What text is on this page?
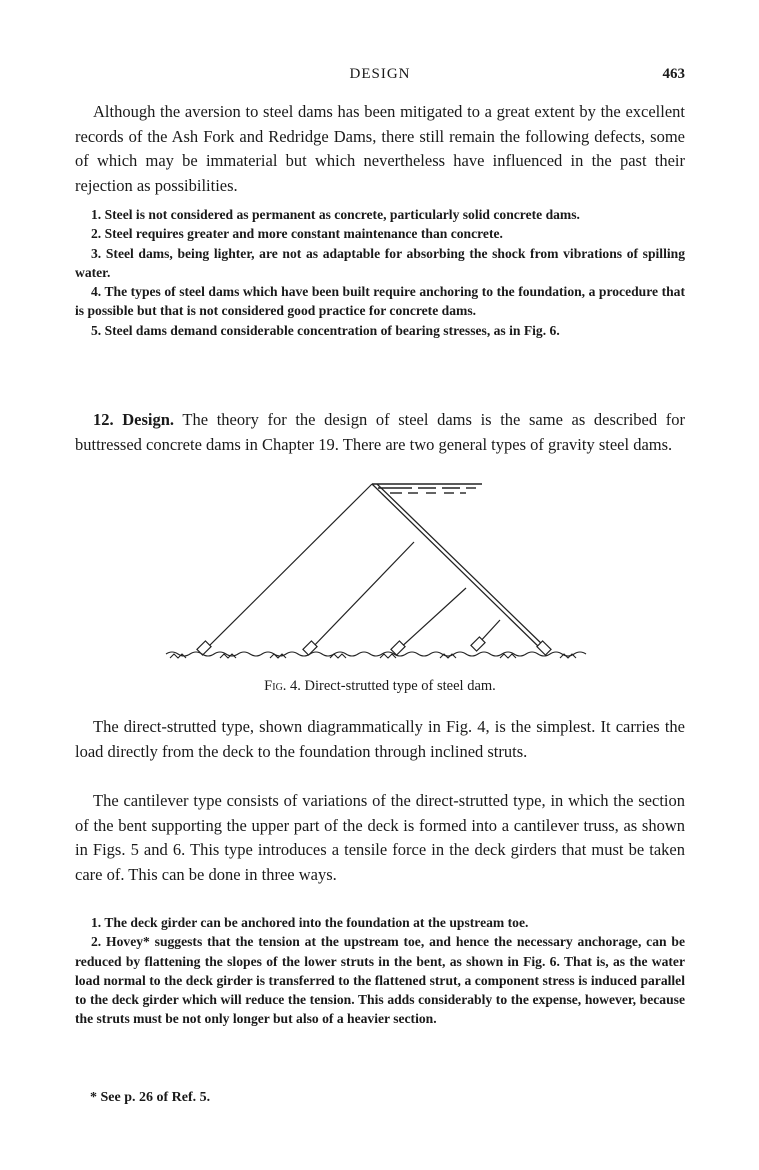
DESIGN	463

Although the aversion to steel dams has been mitigated to a great extent by the excellent records of the Ash Fork and Redridge Dams, there still remain the following defects, some of which may be immaterial but which nevertheless have influenced in the past their rejection as possibilities.

1. Steel is not considered as permanent as concrete, particularly solid concrete dams.
2. Steel requires greater and more constant maintenance than concrete.
3. Steel dams, being lighter, are not as adaptable for absorbing the shock from vibrations of spilling water.
4. The types of steel dams which have been built require anchoring to the foundation, a procedure that is possible but that is not considered good practice for concrete dams.
5. Steel dams demand considerable concentration of bearing stresses, as in Fig. 6.

12. Design. The theory for the design of steel dams is the same as described for buttressed concrete dams in Chapter 19. There are two general types of gravity steel dams.

Fig. 4. Direct-strutted type of steel dam.

The direct-strutted type, shown diagrammatically in Fig. 4, is the simplest. It carries the load directly from the deck to the foundation through inclined struts.

The cantilever type consists of variations of the direct-strutted type, in which the section of the bent supporting the upper part of the deck is formed into a cantilever truss, as shown in Figs. 5 and 6. This type introduces a tensile force in the deck girders that must be taken care of. This can be done in three ways.

1. The deck girder can be anchored into the foundation at the upstream toe.
2. Hovey* suggests that the tension at the upstream toe, and hence the necessary anchorage, can be reduced by flattening the slopes of the lower struts in the bent, as shown in Fig. 6. That is, as the water load normal to the deck girder is transferred to the flattened strut, a component stress is induced parallel to the deck girder which will reduce the tension. This adds considerably to the expense, however, because the struts must be not only longer but also of a heavier section.
* See p. 26 of Ref. 5.
